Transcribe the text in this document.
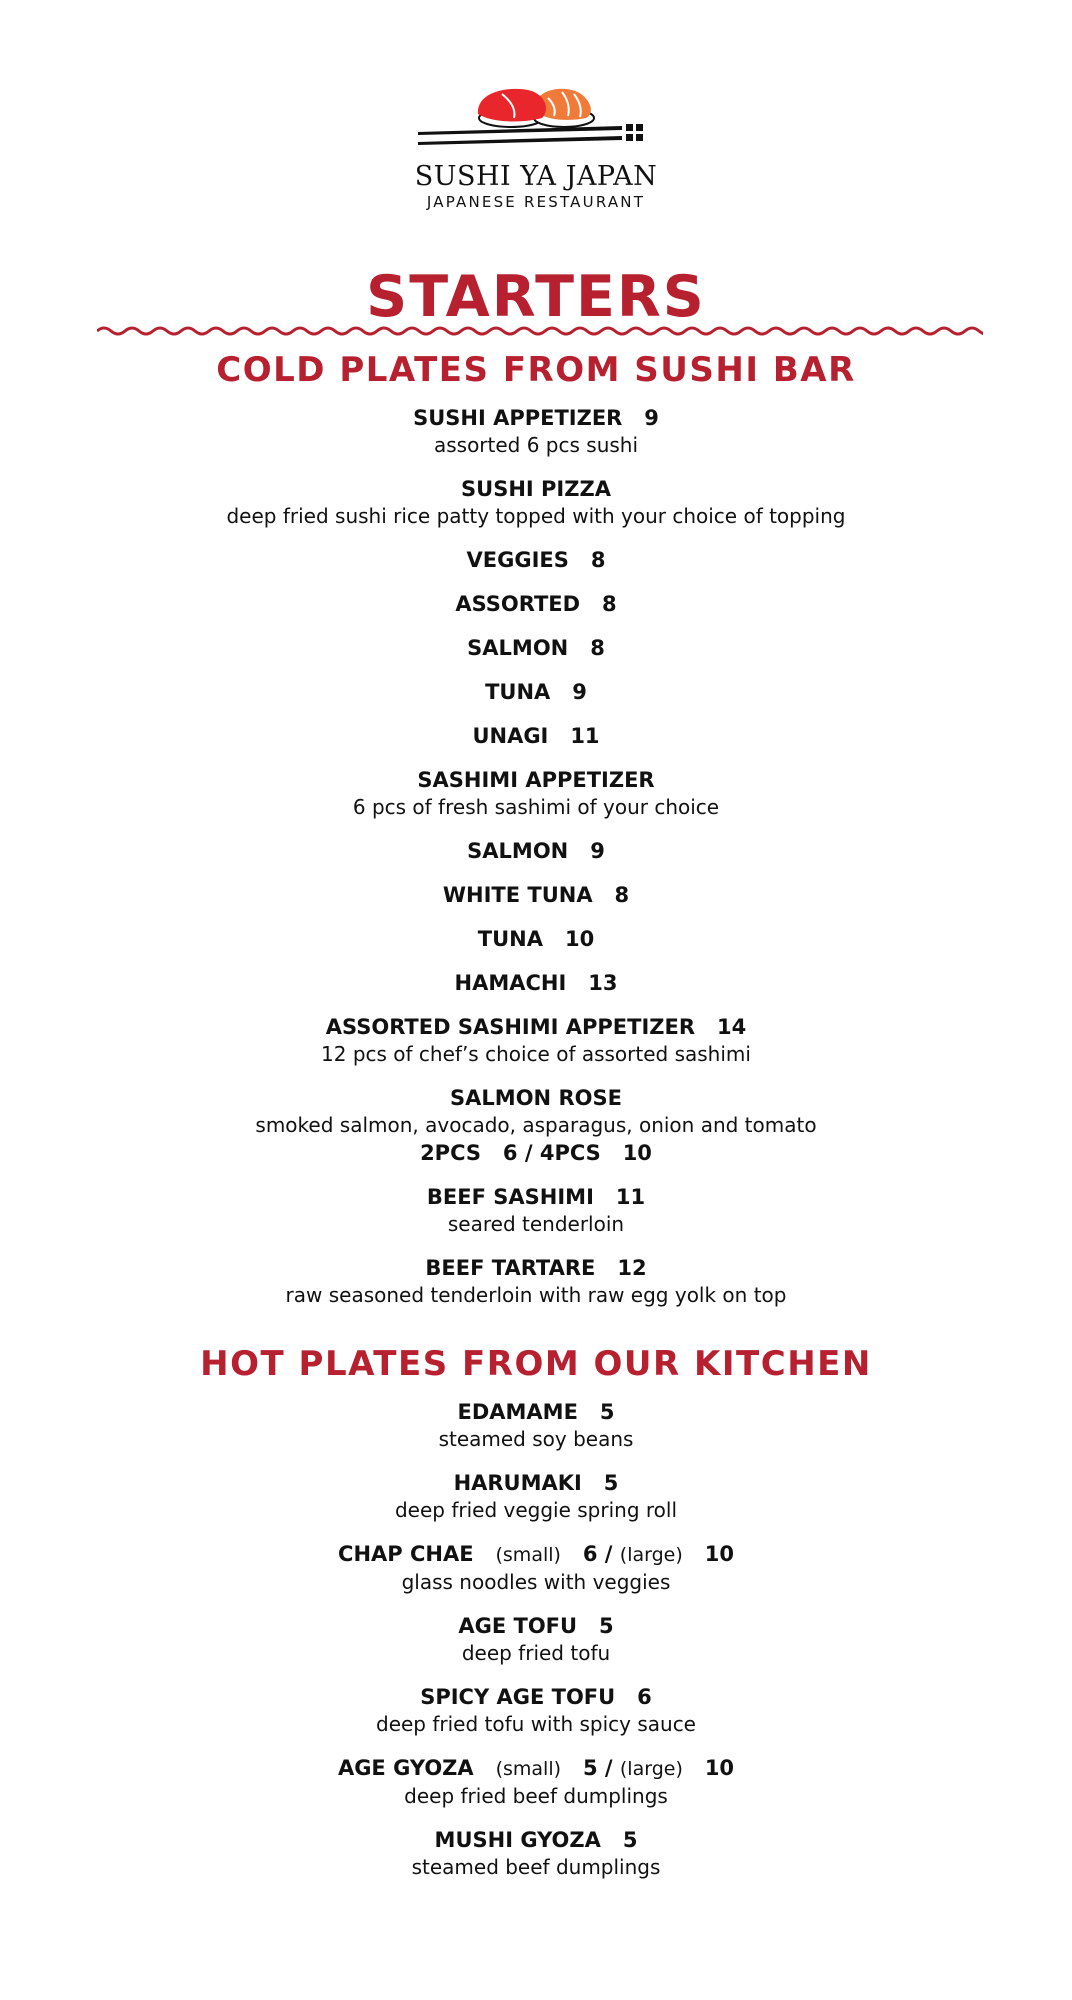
SUSHI YA JAPAN
JAPANESE RESTAURANT
STARTERS
COLD PLATES FROM SUSHI BAR
SUSHI APPETIZER 9
assorted 6 pcs sushi
SUSHI PIZZA
deep fried sushi rice patty topped with your choice of topping
VEGGIES 8
ASSORTED 8
SALMON 8
TUNA 9
UNAGI 11
SASHIMI APPETIZER
6 pcs of fresh sashimi of your choice
SALMON 9
WHITE TUNA 8
TUNA 10
HAMACHI 13
ASSORTED SASHIMI APPETIZER 14
12 pcs of chef’s choice of assorted sashimi
SALMON ROSE
smoked salmon, avocado, asparagus, onion and tomato
2PCS   6 / 4PCS   10
BEEF SASHIMI 11
seared tenderloin
BEEF TARTARE 12
raw seasoned tenderloin with raw egg yolk on top
HOT PLATES FROM OUR KITCHEN
EDAMAME 5
steamed soy beans
HARUMAKI 5
deep fried veggie spring roll
CHAP CHAE (small) 6 / (large) 10
glass noodles with veggies
AGE TOFU 5
deep fried tofu
SPICY AGE TOFU 6
deep fried tofu with spicy sauce
AGE GYOZA (small) 5 / (large) 10
deep fried beef dumplings
MUSHI GYOZA 5
steamed beef dumplings
